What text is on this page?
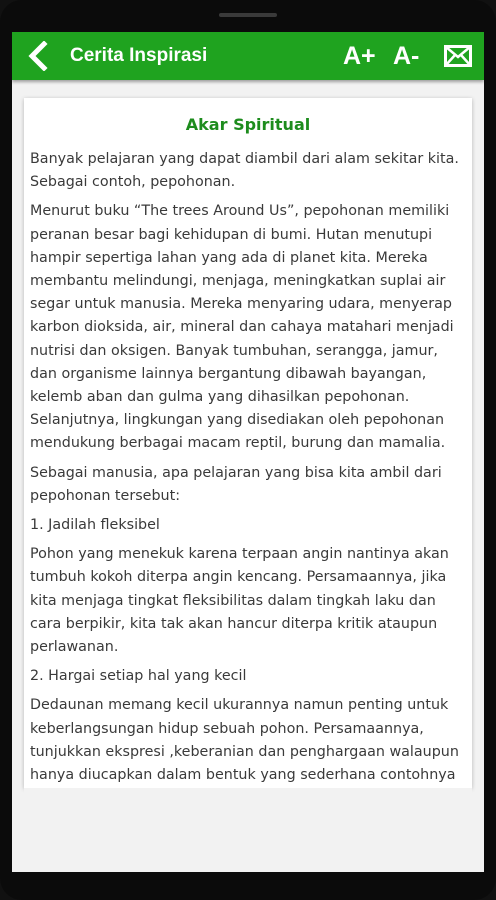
Cerita Inspirasi	A+ A-
Akar Spiritual

Banyak pelajaran yang dapat diambil dari alam sekitar kita. Sebagai contoh, pepohonan.

Menurut buku “The trees Around Us”, pepohonan memiliki peranan besar bagi kehidupan di bumi. Hutan menutupi hampir sepertiga lahan yang ada di planet kita. Mereka membantu melindungi, menjaga, meningkatkan suplai air segar untuk manusia. Mereka menyaring udara, menyerap karbon dioksida, air, mineral dan cahaya matahari menjadi nutrisi dan oksigen. Banyak tumbuhan, serangga, jamur, dan organisme lainnya bergantung dibawah bayangan, kelemb aban dan gulma yang dihasilkan pepohonan. Selanjutnya, lingkungan yang disediakan oleh pepohonan mendukung berbagai macam reptil, burung dan mamalia.

Sebagai manusia, apa pelajaran yang bisa kita ambil dari pepohonan tersebut:

1. Jadilah fleksibel

Pohon yang menekuk karena terpaan angin nantinya akan tumbuh kokoh diterpa angin kencang. Persamaannya, jika kita menjaga tingkat fleksibilitas dalam tingkah laku dan cara berpikir, kita tak akan hancur diterpa kritik ataupun perlawanan.

2. Hargai setiap hal yang kecil

Dedaunan memang kecil ukurannya namun penting untuk keberlangsungan hidup sebuah pohon. Persamaannya, tunjukkan ekspresi ,keberanian dan penghargaan walaupun hanya diucapkan dalam bentuk yang sederhana contohnya
